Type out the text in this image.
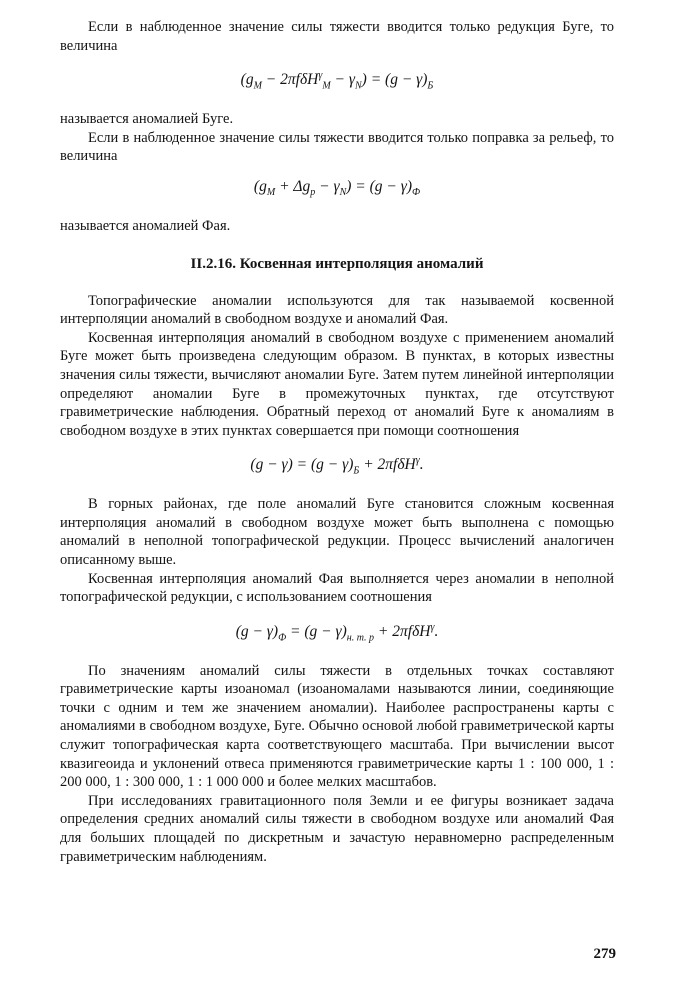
Если в наблюденное значение силы тяжести вводится только редукция Буге, то величина

$(g_M - 2\pi f\delta H^\gamma_M - \gamma_N) = (g - \gamma)_Б$

называется аномалией Буге.

Если в наблюденное значение силы тяжести вводится только поправка за рельеф, то величина

$(g_M + \Delta g_р - \gamma_N) = (g - \gamma)_Ф$

называется аномалией Фая.

II.2.16. Косвенная интерполяция аномалий

Топографические аномалии используются для так называемой косвенной интерполяции аномалий в свободном воздухе и аномалий Фая.

Косвенная интерполяция аномалий в свободном воздухе с применением аномалий Буге может быть произведена следующим образом. В пунктах, в которых известны значения силы тяжести, вычисляют аномалии Буге. Затем путем линейной интерполяции определяют аномалии Буге в промежуточных пунктах, где отсутствуют гравиметрические наблюдения. Обратный переход от аномалий Буге к аномалиям в свободном воздухе в этих пунктах совершается при помощи соотношения

$(g - \gamma) = (g - \gamma)_Б + 2\pi f\delta H^\gamma$.

В горных районах, где поле аномалий Буге становится сложным косвенная интерполяция аномалий в свободном воздухе может быть выполнена с помощью аномалий в неполной топографической редукции. Процесс вычислений аналогичен описанному выше.

Косвенная интерполяция аномалий Фая выполняется через аномалии в неполной топографической редукции, с использованием соотношения

$(g - \gamma)_Ф = (g - \gamma)_{н. т. р} + 2\pi f\delta H^\gamma$.

По значениям аномалий силы тяжести в отдельных точках составляют гравиметрические карты изоаномал (изоаномалами называются линии, соединяющие точки с одним и тем же значением аномалии). Наиболее распространены карты с аномалиями в свободном воздухе, Буге. Обычно основой любой гравиметрической карты служит топографическая карта соответствующего масштаба. При вычислении высот квазигеоида и уклонений отвеса применяются гравиметрические карты 1 : 100 000, 1 : 200 000, 1 : 300 000, 1 : 1 000 000 и более мелких масштабов.

При исследованиях гравитационного поля Земли и ее фигуры возникает задача определения средних аномалий силы тяжести в свободном воздухе или аномалий Фая для больших площадей по дискретным и зачастую неравномерно распределенным гравиметрическим наблюдениям.

279
